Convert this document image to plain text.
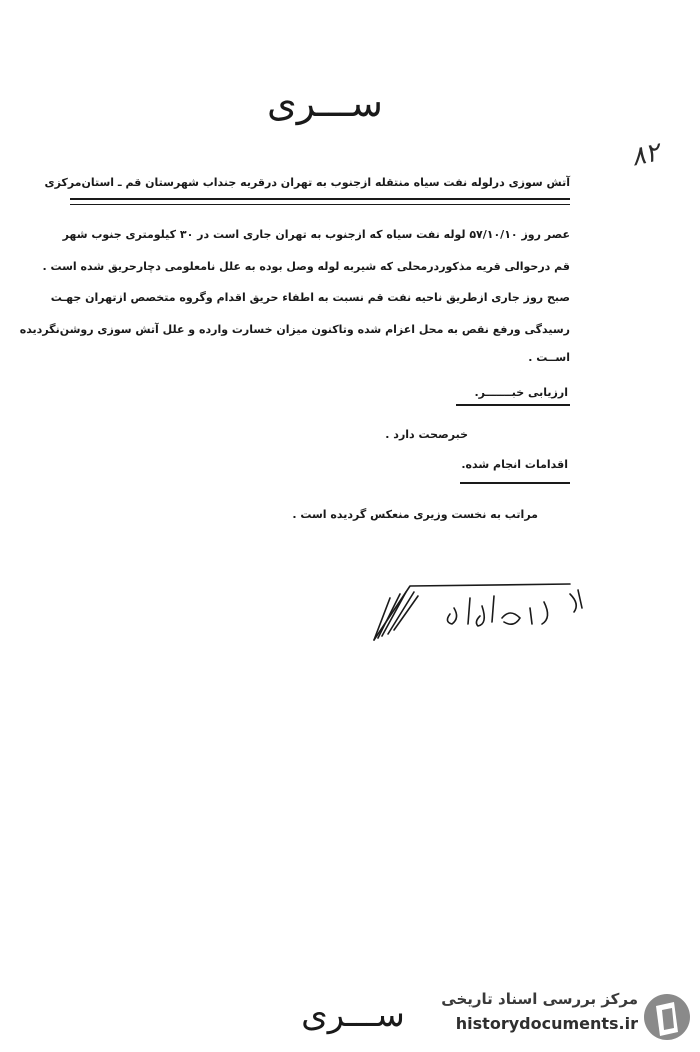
ســـری
۸۲
آتش سوزی درلوله نفت سیاه منتقله ازجنوب به تهران درقریه جنداب شهرستان قم ـ استان‌مرکزی
عصر روز ۵۷/۱۰/۱۰ لوله نفت سیاه که ازجنوب به تهران جاری است در ۳۰ کیلومتری جنوب شهر
قم درحوالی قریه مذکوردرمحلی که شیربه لوله وصل بوده به علل نامعلومی دچارحریق شده است .
صبح روز جاری ازطریق ناحیه نفت قم نسبت به اطفاء حریق اقدام وگروه متخصص ازتهران جهـت
رسیدگی ورفع نقص به محل اعزام شده وتاکنون میزان خسارت وارده و علل آتش سوزی روشن‌نگردیده
اســت .
ارزیابی خبـــــــر.
خبرصحت دارد .
اقدامات انجام شده.
مراتب به نخست وزیری منعکس گردیده است .
ســـری	مرکز بررسی اسناد تاریخی
historydocuments.ir
